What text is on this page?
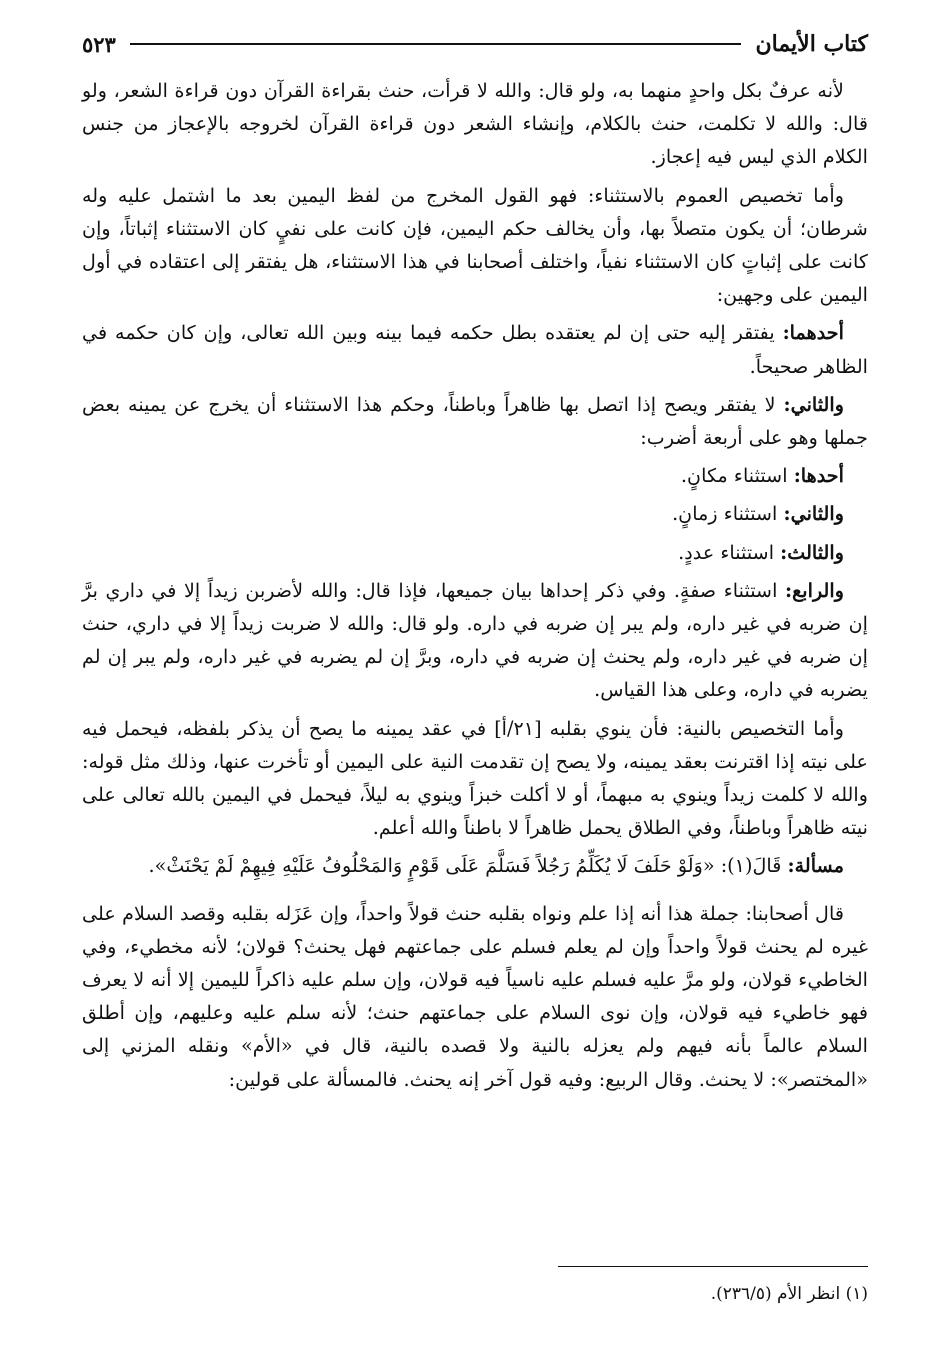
كتاب الأيمان
٥٢٣

لأنه عرفٌ بكل واحدٍ منهما به، ولو قال: والله لا قرأت، حنث بقراءة القرآن دون قراءة الشعر، ولو قال: والله لا تكلمت، حنث بالكلام، وإنشاء الشعر دون قراءة القرآن لخروجه بالإعجاز من جنس الكلام الذي ليس فيه إعجاز.

وأما تخصيص العموم بالاستثناء: فهو القول المخرج من لفظ اليمين بعد ما اشتمل عليه وله شرطان؛ أن يكون متصلاً بها، وأن يخالف حكم اليمين، فإن كانت على نفيٍ كان الاستثناء إثباتاً، وإن كانت على إثباتٍ كان الاستثناء نفياً، واختلف أصحابنا في هذا الاستثناء، هل يفتقر إلى اعتقاده في أول اليمين على وجهين:

أحدهما: يفتقر إليه حتى إن لم يعتقده بطل حكمه فيما بينه وبين الله تعالى، وإن كان حكمه في الظاهر صحيحاً.

والثاني: لا يفتقر ويصح إذا اتصل بها ظاهراً وباطناً، وحكم هذا الاستثناء أن يخرج عن يمينه بعض جملها وهو على أربعة أضرب:

أحدها: استثناء مكانٍ.

والثاني: استثناء زمانٍ.

والثالث: استثناء عددٍ.

والرابع: استثناء صفةٍ. وفي ذكر إحداها بيان جميعها، فإذا قال: والله لأضربن زيداً إلا في داري برَّ إن ضربه في غير داره، ولم يبر إن ضربه في داره. ولو قال: والله لا ضربت زيداً إلا في داري، حنث إن ضربه في غير داره، ولم يحنث إن ضربه في داره، وبرَّ إن لم يضربه في غير داره، ولم يبر إن لم يضربه في داره، وعلى هذا القياس.

وأما التخصيص بالنية: فأن ينوي بقلبه [٢١/أ] في عقد يمينه ما يصح أن يذكر بلفظه، فيحمل فيه على نيته إذا اقترنت بعقد يمينه، ولا يصح إن تقدمت النية على اليمين أو تأخرت عنها، وذلك مثل قوله: والله لا كلمت زيداً وينوي به مبهماً، أو لا أكلت خبزاً وينوي به ليلاً، فيحمل في اليمين بالله تعالى على نيته ظاهراً وباطناً، وفي الطلاق يحمل ظاهراً لا باطناً والله أعلم.

مسألة: قَالَ(١): «وَلَوْ حَلَفَ لَا يُكَلِّمُ رَجُلاً فَسَلَّمَ عَلَى قَوْمٍ وَالمَحْلُوفُ عَلَيْهِ فِيهِمْ لَمْ يَحْنَثْ».

قال أصحابنا: جملة هذا أنه إذا علم ونواه بقلبه حنث قولاً واحداً، وإن عَزَله بقلبه وقصد السلام على غيره لم يحنث قولاً واحداً وإن لم يعلم فسلم على جماعتهم فهل يحنث؟ قولان؛ لأنه مخطيء، وفي الخاطيء قولان، ولو مرَّ عليه فسلم عليه ناسياً فيه قولان، وإن سلم عليه ذاكراً لليمين إلا أنه لا يعرف فهو خاطيء فيه قولان، وإن نوى السلام على جماعتهم حنث؛ لأنه سلم عليه وعليهم، وإن أطلق السلام عالماً بأنه فيهم ولم يعزله بالنية ولا قصده بالنية، قال في «الأم» ونقله المزني إلى «المختصر»: لا يحنث. وقال الربيع: وفيه قول آخر إنه يحنث. فالمسألة على قولين:

(١) انظر الأم (٢٣٦/٥).
